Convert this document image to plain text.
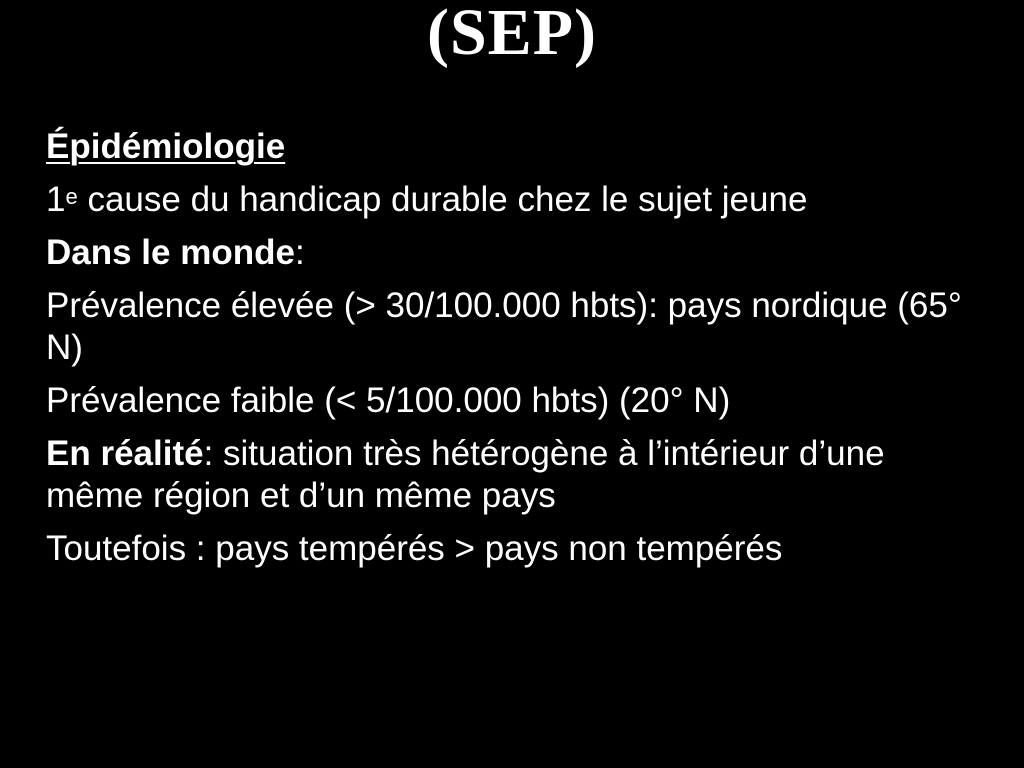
(SEP)
Épidémiologie
1e cause du handicap durable chez le sujet jeune
Dans le monde:
Prévalence élevée (> 30/100.000 hbts): pays nordique (65° N)
Prévalence faible (< 5/100.000 hbts) (20° N)
En réalité: situation très hétérogène à l’intérieur d’une même région et d’un même pays
Toutefois : pays tempérés > pays non tempérés
